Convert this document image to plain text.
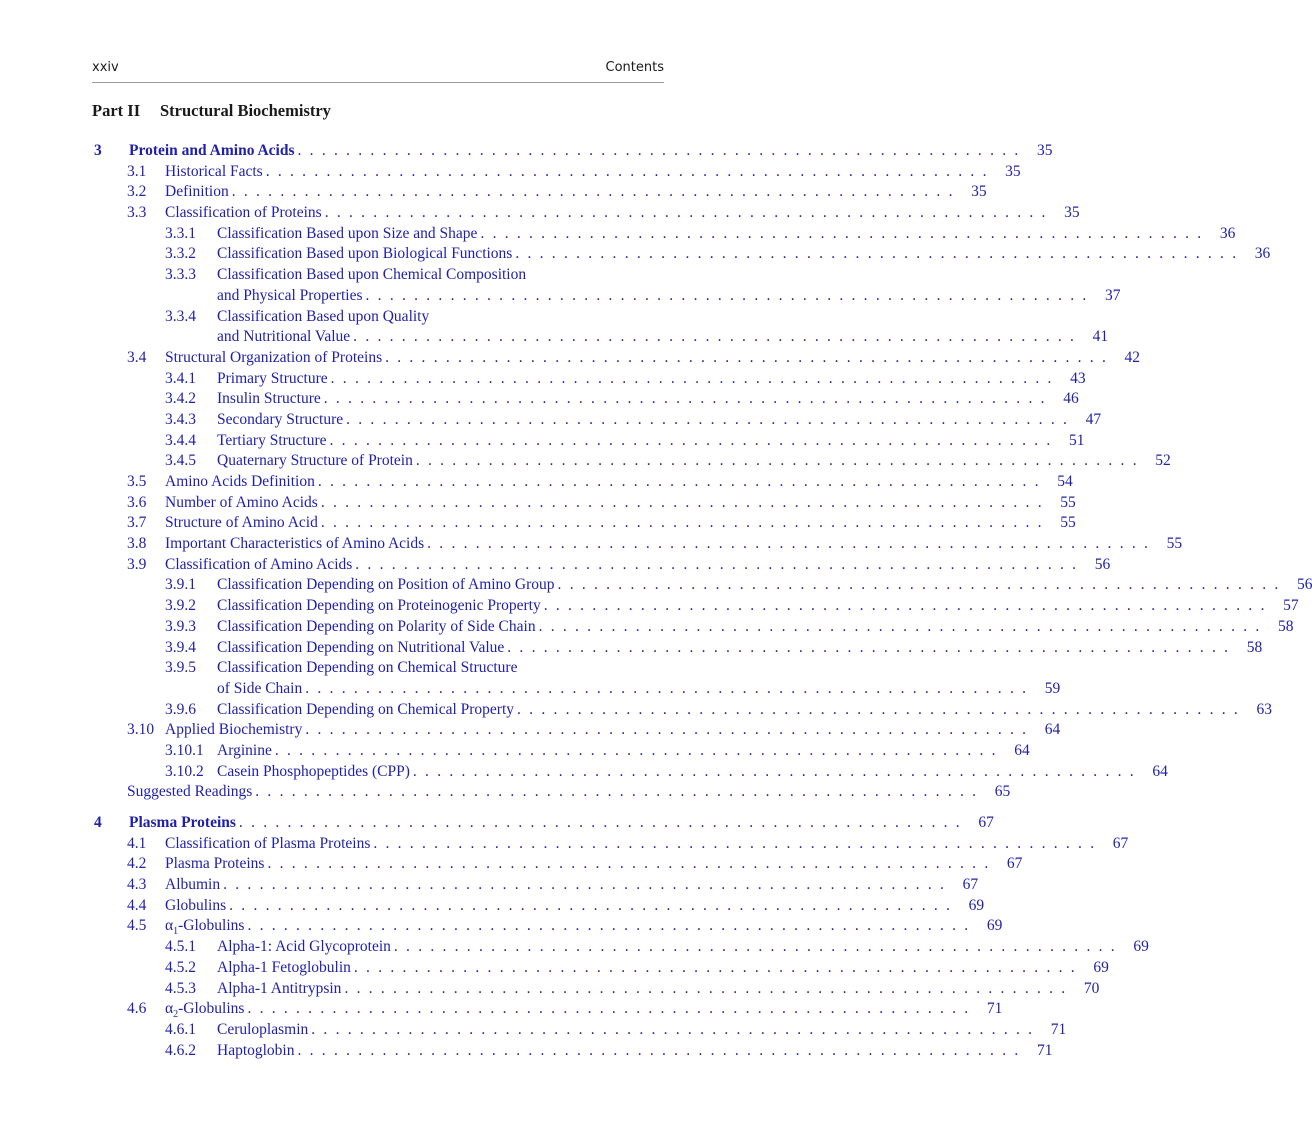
xxiv	Contents
Part II Structural Biochemistry
3	Protein and Amino Acids . . . . . . . . . . . . . . . . . . . . . . . . . . . . . . . . . . . . . . . . . . . . . . . . . . . . . . . . . . . .	35
3.1	Historical Facts . . . . . . . . . . . . . . . . . . . . . . . . . . . . . . . . . . . . . . . . . . . . . . . . . . . . . . . . . . . .	35
3.2	Definition . . . . . . . . . . . . . . . . . . . . . . . . . . . . . . . . . . . . . . . . . . . . . . . . . . . . . . . . . . . .	35
3.3	Classification of Proteins . . . . . . . . . . . . . . . . . . . . . . . . . . . . . . . . . . . . . . . . . . . . . . . . . . . . . . . . . . . .	35
3.3.1	Classification Based upon Size and Shape . . . . . . . . . . . . . . . . . . . . . . . . . . . . . . . . . . . . . . . . . . . . . . . . . . . . . . . . . . . .	36
3.3.2	Classification Based upon Biological Functions . . . . . . . . . . . . . . . . . . . . . . . . . . . . . . . . . . . . . . . . . . . . . . . . . . . . . . . . . . . .	36
3.3.3	Classification Based upon Chemical Composition
and Physical Properties . . . . . . . . . . . . . . . . . . . . . . . . . . . . . . . . . . . . . . . . . . . . . . . . . . . . . . . . . . . .	37
3.3.4	Classification Based upon Quality
and Nutritional Value . . . . . . . . . . . . . . . . . . . . . . . . . . . . . . . . . . . . . . . . . . . . . . . . . . . . . . . . . . . .	41
3.4	Structural Organization of Proteins . . . . . . . . . . . . . . . . . . . . . . . . . . . . . . . . . . . . . . . . . . . . . . . . . . . . . . . . . . . .	42
3.4.1	Primary Structure . . . . . . . . . . . . . . . . . . . . . . . . . . . . . . . . . . . . . . . . . . . . . . . . . . . . . . . . . . . .	43
3.4.2	Insulin Structure . . . . . . . . . . . . . . . . . . . . . . . . . . . . . . . . . . . . . . . . . . . . . . . . . . . . . . . . . . . .	46
3.4.3	Secondary Structure . . . . . . . . . . . . . . . . . . . . . . . . . . . . . . . . . . . . . . . . . . . . . . . . . . . . . . . . . . . .	47
3.4.4	Tertiary Structure . . . . . . . . . . . . . . . . . . . . . . . . . . . . . . . . . . . . . . . . . . . . . . . . . . . . . . . . . . . .	51
3.4.5	Quaternary Structure of Protein . . . . . . . . . . . . . . . . . . . . . . . . . . . . . . . . . . . . . . . . . . . . . . . . . . . . . . . . . . . .	52
3.5	Amino Acids Definition . . . . . . . . . . . . . . . . . . . . . . . . . . . . . . . . . . . . . . . . . . . . . . . . . . . . . . . . . . . .	54
3.6	Number of Amino Acids . . . . . . . . . . . . . . . . . . . . . . . . . . . . . . . . . . . . . . . . . . . . . . . . . . . . . . . . . . . .	55
3.7	Structure of Amino Acid . . . . . . . . . . . . . . . . . . . . . . . . . . . . . . . . . . . . . . . . . . . . . . . . . . . . . . . . . . . .	55
3.8	Important Characteristics of Amino Acids . . . . . . . . . . . . . . . . . . . . . . . . . . . . . . . . . . . . . . . . . . . . . . . . . . . . . . . . . . . .	55
3.9	Classification of Amino Acids . . . . . . . . . . . . . . . . . . . . . . . . . . . . . . . . . . . . . . . . . . . . . . . . . . . . . . . . . . . .	56
3.9.1	Classification Depending on Position of Amino Group . . . . . . . . . . . . . . . . . . . . . . . . . . . . . . . . . . . . . . . . . . . . . . . . . . . . . . . . . . . .	56
3.9.2	Classification Depending on Proteinogenic Property . . . . . . . . . . . . . . . . . . . . . . . . . . . . . . . . . . . . . . . . . . . . . . . . . . . . . . . . . . . .	57
3.9.3	Classification Depending on Polarity of Side Chain . . . . . . . . . . . . . . . . . . . . . . . . . . . . . . . . . . . . . . . . . . . . . . . . . . . . . . . . . . . .	58
3.9.4	Classification Depending on Nutritional Value . . . . . . . . . . . . . . . . . . . . . . . . . . . . . . . . . . . . . . . . . . . . . . . . . . . . . . . . . . . .	58
3.9.5	Classification Depending on Chemical Structure
of Side Chain . . . . . . . . . . . . . . . . . . . . . . . . . . . . . . . . . . . . . . . . . . . . . . . . . . . . . . . . . . . .	59
3.9.6	Classification Depending on Chemical Property . . . . . . . . . . . . . . . . . . . . . . . . . . . . . . . . . . . . . . . . . . . . . . . . . . . . . . . . . . . .	63
3.10 Applied Biochemistry . . . . . . . . . . . . . . . . . . . . . . . . . . . . . . . . . . . . . . . . . . . . . . . . . . . . . . . . . . . .	64
3.10.1 Arginine . . . . . . . . . . . . . . . . . . . . . . . . . . . . . . . . . . . . . . . . . . . . . . . . . . . . . . . . . . . .	64
3.10.2 Casein Phosphopeptides (CPP) . . . . . . . . . . . . . . . . . . . . . . . . . . . . . . . . . . . . . . . . . . . . . . . . . . . . . . . . . . . .	64
Suggested Readings . . . . . . . . . . . . . . . . . . . . . . . . . . . . . . . . . . . . . . . . . . . . . . . . . . . . . . . . . . . .	65
4	Plasma Proteins . . . . . . . . . . . . . . . . . . . . . . . . . . . . . . . . . . . . . . . . . . . . . . . . . . . . . . . . . . . .	67
4.1	Classification of Plasma Proteins . . . . . . . . . . . . . . . . . . . . . . . . . . . . . . . . . . . . . . . . . . . . . . . . . . . . . . . . . . . .	67
4.2	Plasma Proteins . . . . . . . . . . . . . . . . . . . . . . . . . . . . . . . . . . . . . . . . . . . . . . . . . . . . . . . . . . . .	67
4.3	Albumin . . . . . . . . . . . . . . . . . . . . . . . . . . . . . . . . . . . . . . . . . . . . . . . . . . . . . . . . . . . .	67
4.4	Globulins . . . . . . . . . . . . . . . . . . . . . . . . . . . . . . . . . . . . . . . . . . . . . . . . . . . . . . . . . . . .	69
4.5	$\alpha_1$-Globulins . . . . . . . . . . . . . . . . . . . . . . . . . . . . . . . . . . . . . . . . . . . . . . . . . . . . . . . . . . . .	69
4.5.1	Alpha-1: Acid Glycoprotein . . . . . . . . . . . . . . . . . . . . . . . . . . . . . . . . . . . . . . . . . . . . . . . . . . . . . . . . . . . .	69
4.5.2	Alpha-1 Fetoglobulin . . . . . . . . . . . . . . . . . . . . . . . . . . . . . . . . . . . . . . . . . . . . . . . . . . . . . . . . . . . .	69
4.5.3	Alpha-1 Antitrypsin . . . . . . . . . . . . . . . . . . . . . . . . . . . . . . . . . . . . . . . . . . . . . . . . . . . . . . . . . . . .	70
4.6	$\alpha_2$-Globulins . . . . . . . . . . . . . . . . . . . . . . . . . . . . . . . . . . . . . . . . . . . . . . . . . . . . . . . . . . . .	71
4.6.1	Ceruloplasmin . . . . . . . . . . . . . . . . . . . . . . . . . . . . . . . . . . . . . . . . . . . . . . . . . . . . . . . . . . . .	71
4.6.2	Haptoglobin . . . . . . . . . . . . . . . . . . . . . . . . . . . . . . . . . . . . . . . . . . . . . . . . . . . . . . . . . . . .	71
